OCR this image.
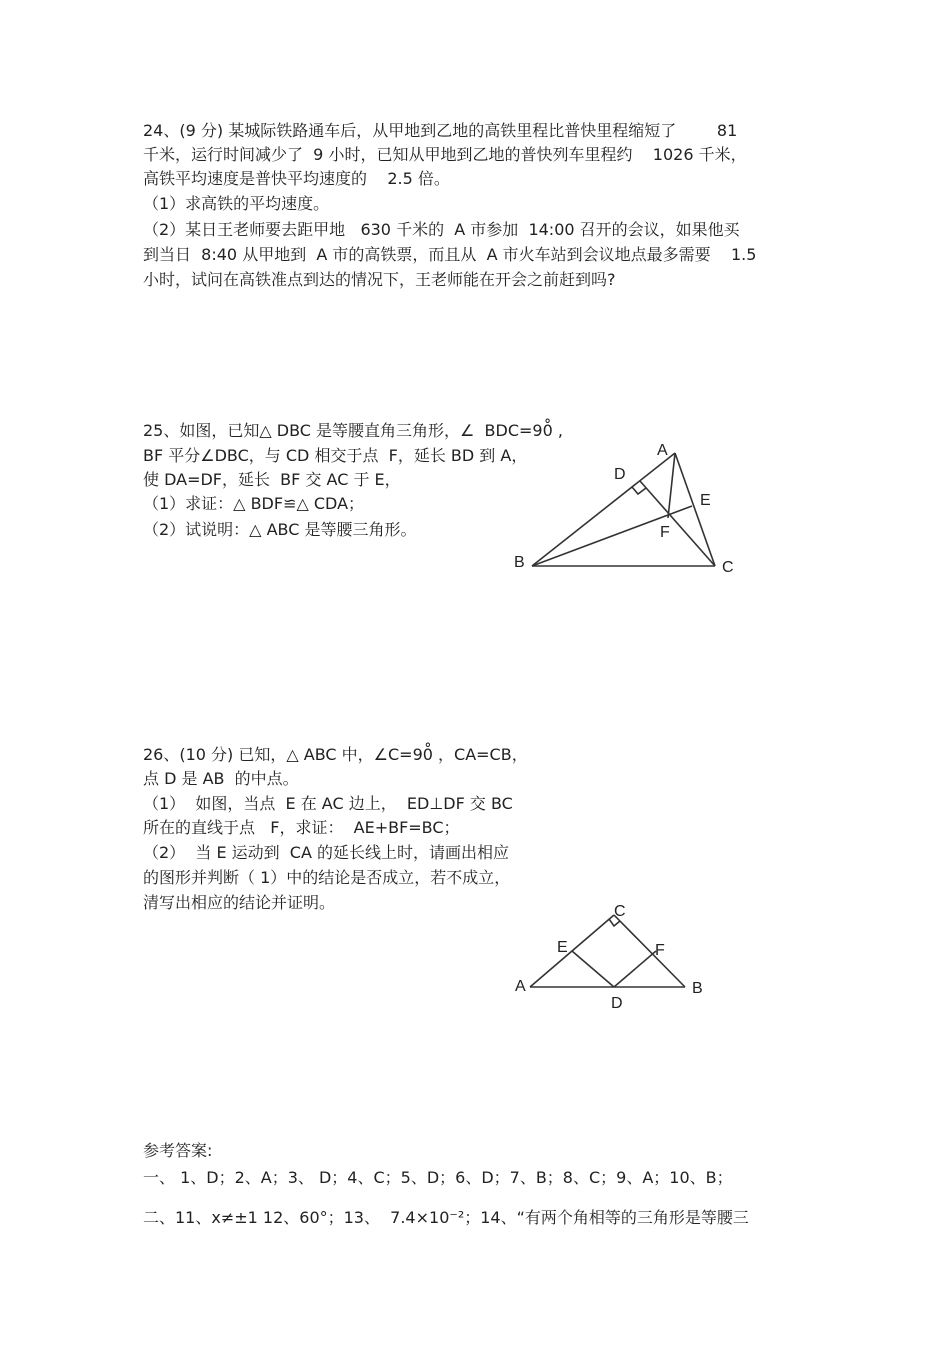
24、(9 分) 某城际铁路通车后，从甲地到乙地的高铁里程比普快里程缩短了        81
千米，运行时间减少了  9 小时，已知从甲地到乙地的普快列车里程约    1026 千米，
高铁平均速度是普快平均速度的    2.5 倍。
（1）求高铁的平均速度。
（2）某日王老师要去距甲地   630 千米的  A 市参加  14:00 召开的会议，如果他买
到当日  8:40 从甲地到  A 市的高铁票，而且从  A 市火车站到会议地点最多需要    1.5
小时，试问在高铁准点到达的情况下，王老师能在开会之前赶到吗?
25、如图，已知△ DBC 是等腰直角三角形，∠  BDC=90̊ ,
BF 平分∠DBC，与 CD 相交于点  F，延长 BD 到 A，
使 DA=DF，延长  BF 交 AC 于 E，
（1）求证：△ BDF≌△ CDA；
（2）试说明：△ ABC 是等腰三角形。
A
D
E
F
B	C
26、(10 分) 已知，△ ABC 中，∠C=90̊ ，CA=CB，
点 D 是 AB  的中点。
（1）  如图，当点  E 在 AC 边上，  ED⊥DF 交 BC
所在的直线于点   F，求证：  AE+BF=BC；
（2）  当 E 运动到  CA 的延长线上时，请画出相应
的图形并判断（ 1）中的结论是否成立，若不成立，
清写出相应的结论并证明。	C
E	F
A
D
B
参考答案:
一、 1、D；2、A；3、 D；4、C；5、D；6、D；7、B；8、C；9、A；10、B；
二、11、x≠±1 12、60°；13、  7.4×10⁻²；14、“有两个角相等的三角形是等腰三
